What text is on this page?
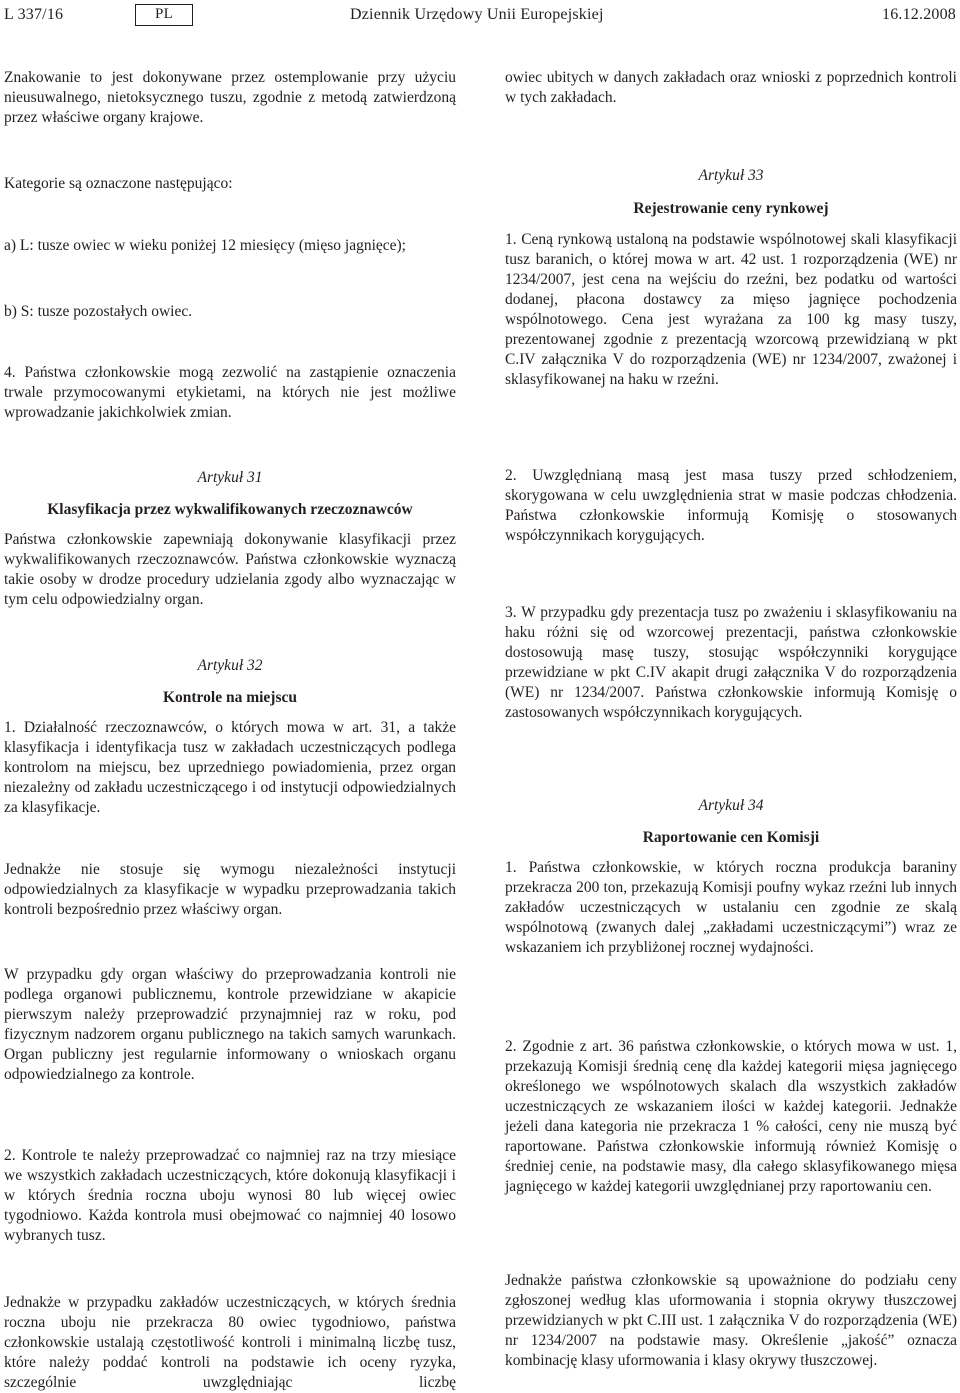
L 337/16	PL	Dziennik Urzędowy Unii Europejskiej	16.12.2008

Znakowanie to jest dokonywane przez ostemplowanie przy użyciu nieusuwalnego, nietoksycznego tuszu, zgodnie z metodą zatwierdzoną przez właściwe organy krajowe.

Kategorie są oznaczone następująco:

a) L: tusze owiec w wieku poniżej 12 miesięcy (mięso jagnięce);

b) S: tusze pozostałych owiec.

4. Państwa członkowskie mogą zezwolić na zastąpienie oznaczenia trwale przymocowanymi etykietami, na których nie jest możliwe wprowadzanie jakichkolwiek zmian.

owiec ubitych w danych zakładach oraz wnioski z poprzednich kontroli w tych zakładach.

Artykuł 33

Rejestrowanie ceny rynkowej

1. Ceną rynkową ustaloną na podstawie wspólnotowej skali klasyfikacji tusz baranich, o której mowa w art. 42 ust. 1 rozporządzenia (WE) nr 1234/2007, jest cena na wejściu do rzeźni, bez podatku od wartości dodanej, płacona dostawcy za mięso jagnięce pochodzenia wspólnotowego. Cena jest wyrażana za 100 kg masy tuszy, prezentowanej zgodnie z prezentacją wzorcową przewidzianą w pkt C.IV załącznika V do rozporządzenia (WE) nr 1234/2007, zważonej i sklasyfikowanej na haku w rzeźni.

Artykuł 31

Klasyfikacja przez wykwalifikowanych rzeczoznawców

Państwa członkowskie zapewniają dokonywanie klasyfikacji przez wykwalifikowanych rzeczoznawców. Państwa członkowskie wyznaczą takie osoby w drodze procedury udzielania zgody albo wyznaczając w tym celu odpowiedzialny organ.

Artykuł 32

Kontrole na miejscu

1. Działalność rzeczoznawców, o których mowa w art. 31, a także klasyfikacja i identyfikacja tusz w zakładach uczestniczących podlega kontrolom na miejscu, bez uprzedniego powiadomienia, przez organ niezależny od zakładu uczestniczącego i od instytucji odpowiedzialnych za klasyfikacje.

Jednakże nie stosuje się wymogu niezależności instytucji odpowiedzialnych za klasyfikacje w wypadku przeprowadzania takich kontroli bezpośrednio przez właściwy organ.

W przypadku gdy organ właściwy do przeprowadzania kontroli nie podlega organowi publicznemu, kontrole przewidziane w akapicie pierwszym należy przeprowadzić przynajmniej raz w roku, pod fizycznym nadzorem organu publicznego na takich samych warunkach. Organ publiczny jest regularnie informowany o wnioskach organu odpowiedzialnego za kontrole.

2. Kontrole te należy przeprowadzać co najmniej raz na trzy miesiące we wszystkich zakładach uczestniczących, które dokonują klasyfikacji i w których średnia roczna ubоju wynosi 80 lub więcej owiec tygodniowo. Każda kontrola musi obejmować co najmniej 40 losowo wybranych tusz.

Jednakże w przypadku zakładów uczestniczących, w których średnia roczna ubоju nie przekracza 80 owiec tygodniowo, państwa członkowskie ustalają częstotliwość kontroli i minimalną liczbę tusz, które należy poddać kontroli na podstawie ich oceny ryzyka, szczególnie uwzględniając liczbę

2. Uwzględnianą masą jest masa tuszy przed schłodzeniem, skorygowana w celu uwzględnienia strat w masie podczas chłodzenia. Państwa członkowskie informują Komisję o stosowanych współczynnikach korygujących.

3. W przypadku gdy prezentacja tusz po zważeniu i sklasyfikowaniu na haku różni się od wzorcowej prezentacji, państwa członkowskie dostosowują masę tuszy, stosując współczynniki korygujące przewidziane w pkt C.IV akapit drugi załącznika V do rozporządzenia (WE) nr 1234/2007. Państwa członkowskie informują Komisję o zastosowanych współczynnikach korygujących.

Artykuł 34

Raportowanie cen Komisji

1. Państwa członkowskie, w których roczna produkcja baraniny przekracza 200 ton, przekazują Komisji poufny wykaz rzeźni lub innych zakładów uczestniczących w ustalaniu cen zgodnie ze skalą wspólnotową (zwanych dalej „zakładami uczestniczącymi”) wraz ze wskazaniem ich przybliżonej rocznej wydajności.

2. Zgodnie z art. 36 państwa członkowskie, o których mowa w ust. 1, przekazują Komisji średnią cenę dla każdej kategorii mięsa jagnięcego określonego we wspólnotowych skalach dla wszystkich zakładów uczestniczących ze wskazaniem ilości w każdej kategorii. Jednakże jeżeli dana kategoria nie przekracza 1 % całości, ceny nie muszą być raportowane. Państwa członkowskie informują również Komisję o średniej cenie, na podstawie masy, dla całego sklasyfikowanego mięsa jagnięcego w każdej kategorii uwzględnianej przy raportowaniu cen.

Jednakże państwa członkowskie są upoważnione do podziału ceny zgłoszonej według klas uformowania i stopnia okrywy tłuszczowej przewidzianych w pkt C.III ust. 1 załącznika V do rozporządzenia (WE) nr 1234/2007 na podstawie masy. Określenie „jakość” oznacza kombinację klasy uformowania i klasy okrywy tłuszczowej.
